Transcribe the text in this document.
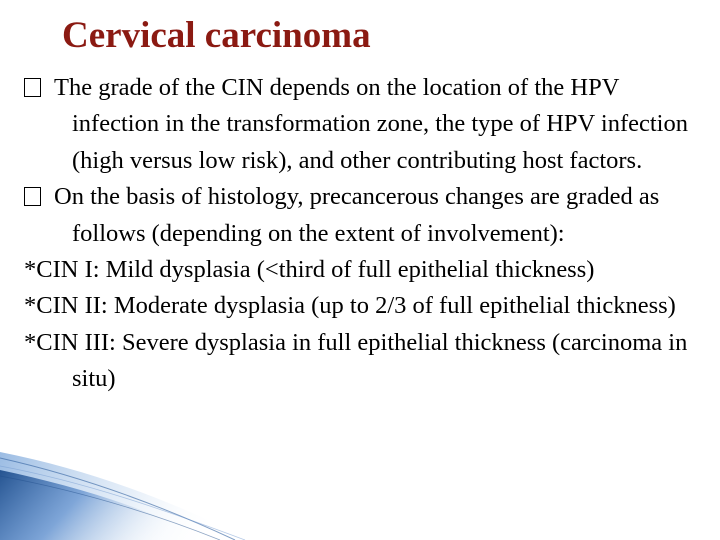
Cervical carcinoma

The grade of the CIN depends on the location of the HPV infection in the transformation zone, the type of HPV infection (high versus low risk), and other contributing host factors.

On the basis of histology, precancerous changes are graded as follows (depending on the extent of involvement):

*CIN I: Mild dysplasia (<third of full epithelial thickness)

*CIN II: Moderate dysplasia (up to 2/3 of full epithelial thickness)

*CIN III: Severe dysplasia in full epithelial thickness (carcinoma in situ)
